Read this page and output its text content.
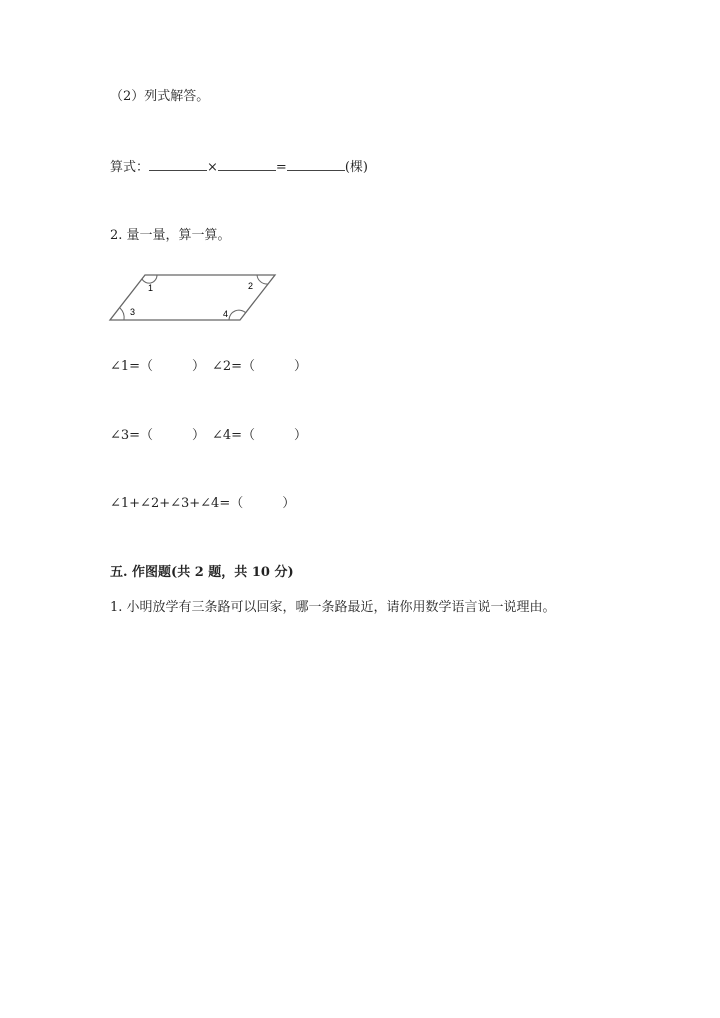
（2）列式解答。
算式：	×	=	(棵)
2. 量一量，算一算。
1	2
3	4
∠1=（　　　） ∠2=（　　　）
∠3=（　　　） ∠4=（　　　）
∠1+∠2+∠3+∠4=（　　　）
五. 作图题(共 2 题，共 10 分)
1. 小明放学有三条路可以回家，哪一条路最近，请你用数学语言说一说理由。
